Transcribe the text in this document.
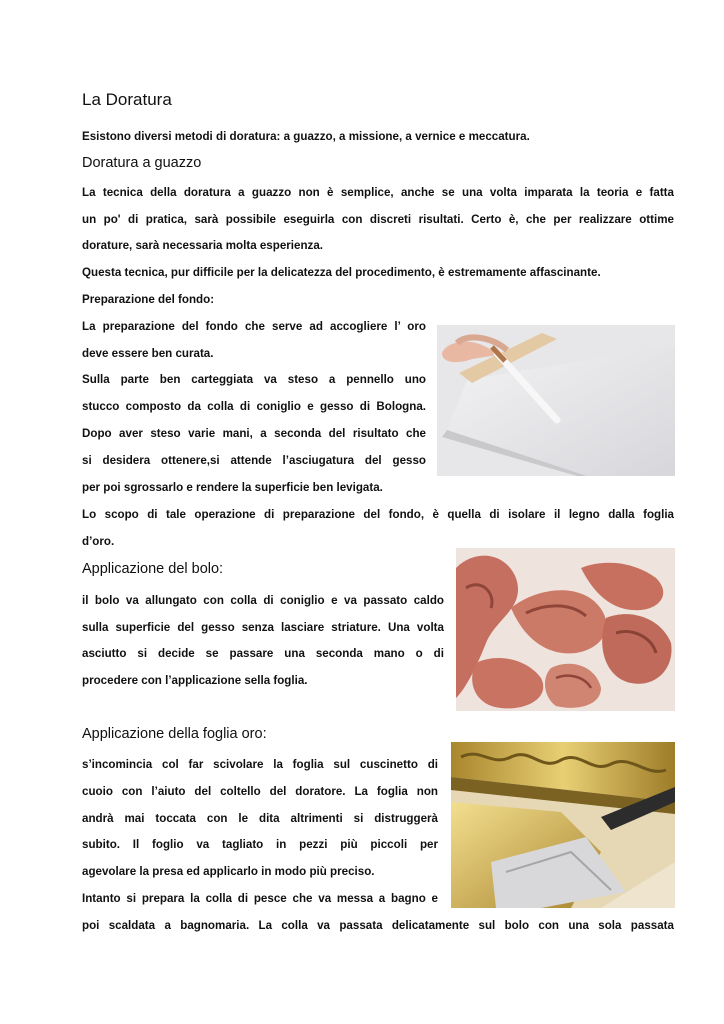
La Doratura

Esistono diversi metodi di doratura: a guazzo, a missione, a vernice e meccatura.

Doratura a guazzo

La tecnica della doratura a guazzo non è semplice, anche se una volta imparata la teoria e fatta

un po' di pratica, sarà possibile eseguirla con discreti risultati. Certo è, che per realizzare ottime

dorature, sarà necessaria molta esperienza.

Questa tecnica, pur difficile per la delicatezza del procedimento, è estremamente affascinante.

Preparazione del fondo:

La preparazione del fondo che serve ad accogliere l’ oro

deve essere ben curata.

Sulla parte ben carteggiata va steso a pennello uno

stucco composto da colla di coniglio e gesso di Bologna.

Dopo aver steso varie mani, a seconda del risultato che

si desidera ottenere,si attende l’asciugatura del gesso

per poi sgrossarlo e rendere la superficie ben levigata.

Lo scopo di tale operazione di preparazione del fondo, è quella di isolare il legno dalla foglia

d’oro.

Applicazione del bolo:

il bolo va allungato con colla di coniglio e va passato caldo

sulla superficie del gesso senza lasciare striature. Una volta

asciutto si decide se passare una seconda mano o di

procedere con l’applicazione sella foglia.

Applicazione della foglia oro:

s’incomincia col far scivolare la foglia sul cuscinetto di

cuoio con l’aiuto del coltello del doratore. La foglia non

andrà mai toccata con le dita altrimenti si distruggerà

subito. Il foglio va tagliato in pezzi più piccoli per

agevolare la presa ed applicarlo in modo più preciso.

Intanto si prepara la colla di pesce che va messa a bagno e

poi scaldata a bagnomaria. La colla va passata delicatamente sul bolo con una sola passata
